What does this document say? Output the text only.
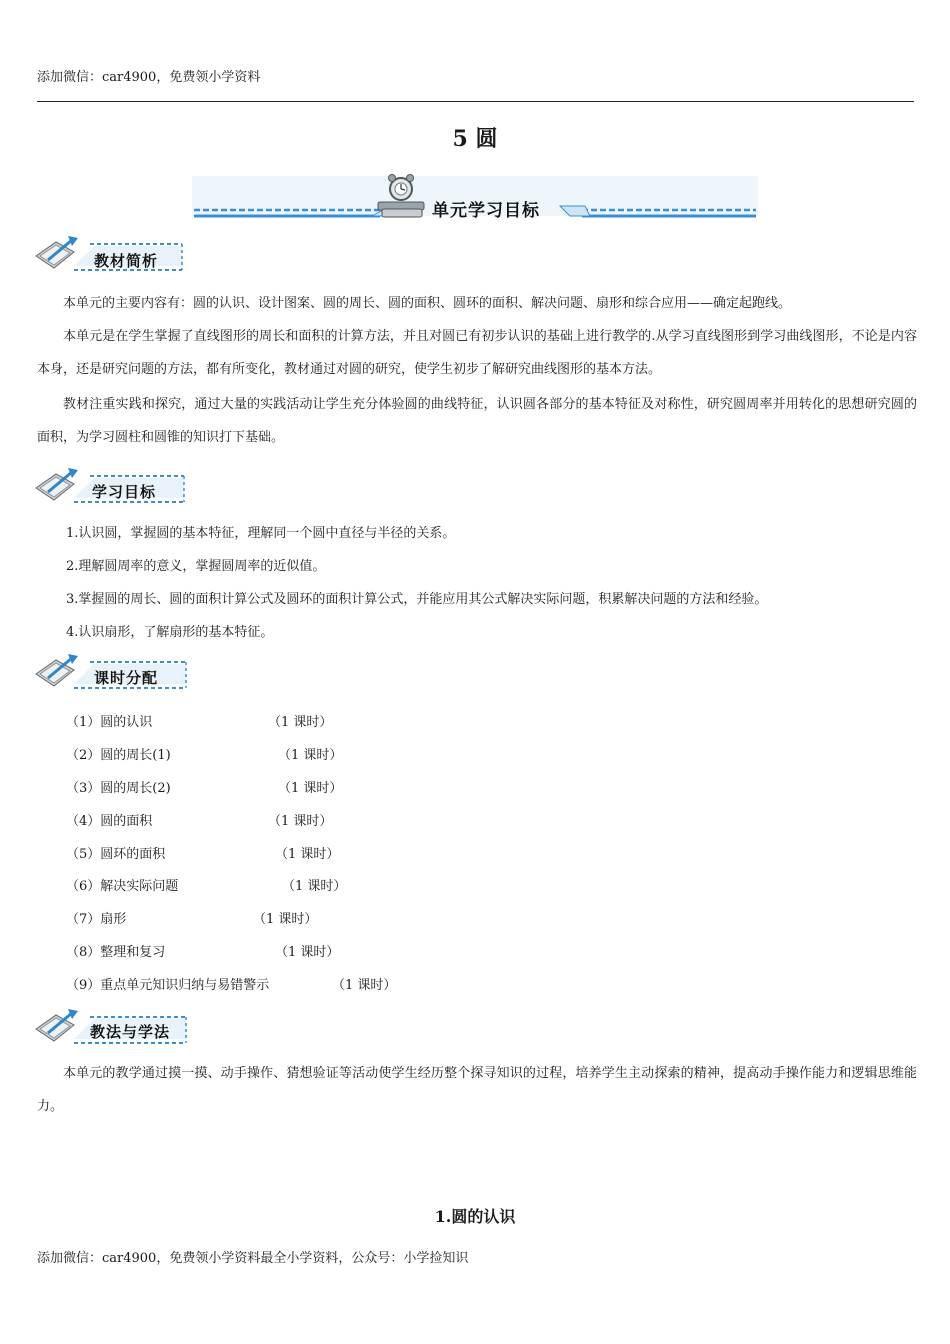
添加微信：car4900，免费领小学资料
5 圆
单元学习目标
教材简析
本单元的主要内容有：圆的认识、设计图案、圆的周长、圆的面积、圆环的面积、解决问题、扇形和综合应用——确定起跑线。
本单元是在学生掌握了直线图形的周长和面积的计算方法，并且对圆已有初步认识的基础上进行教学的.从学习直线图形到学习曲线图形，不论是内容本身，还是研究问题的方法，都有所变化，教材通过对圆的研究，使学生初步了解研究曲线图形的基本方法。
教材注重实践和探究，通过大量的实践活动让学生充分体验圆的曲线特征，认识圆各部分的基本特征及对称性，研究圆周率并用转化的思想研究圆的面积，为学习圆柱和圆锥的知识打下基础。
学习目标
1.认识圆，掌握圆的基本特征，理解同一个圆中直径与半径的关系。
2.理解圆周率的意义，掌握圆周率的近似值。
3.掌握圆的周长、圆的面积计算公式及圆环的面积计算公式，并能应用其公式解决实际问题，积累解决问题的方法和经验。
4.认识扇形，了解扇形的基本特征。
课时分配
（1）圆的认识	（1 课时）
（2）圆的周长(1)	（1 课时）
（3）圆的周长(2)	（1 课时）
（4）圆的面积	（1 课时）
（5）圆环的面积	（1 课时）
（6）解决实际问题	（1 课时）
（7）扇形	（1 课时）
（8）整理和复习	（1 课时）
（9）重点单元知识归纳与易错警示	（1 课时）
教法与学法
本单元的教学通过摸一摸、动手操作、猜想验证等活动使学生经历整个探寻知识的过程，培养学生主动探索的精神，提高动手操作能力和逻辑思维能力。
1.圆的认识
添加微信：car4900，免费领小学资料最全小学资料，公众号：小学捡知识
